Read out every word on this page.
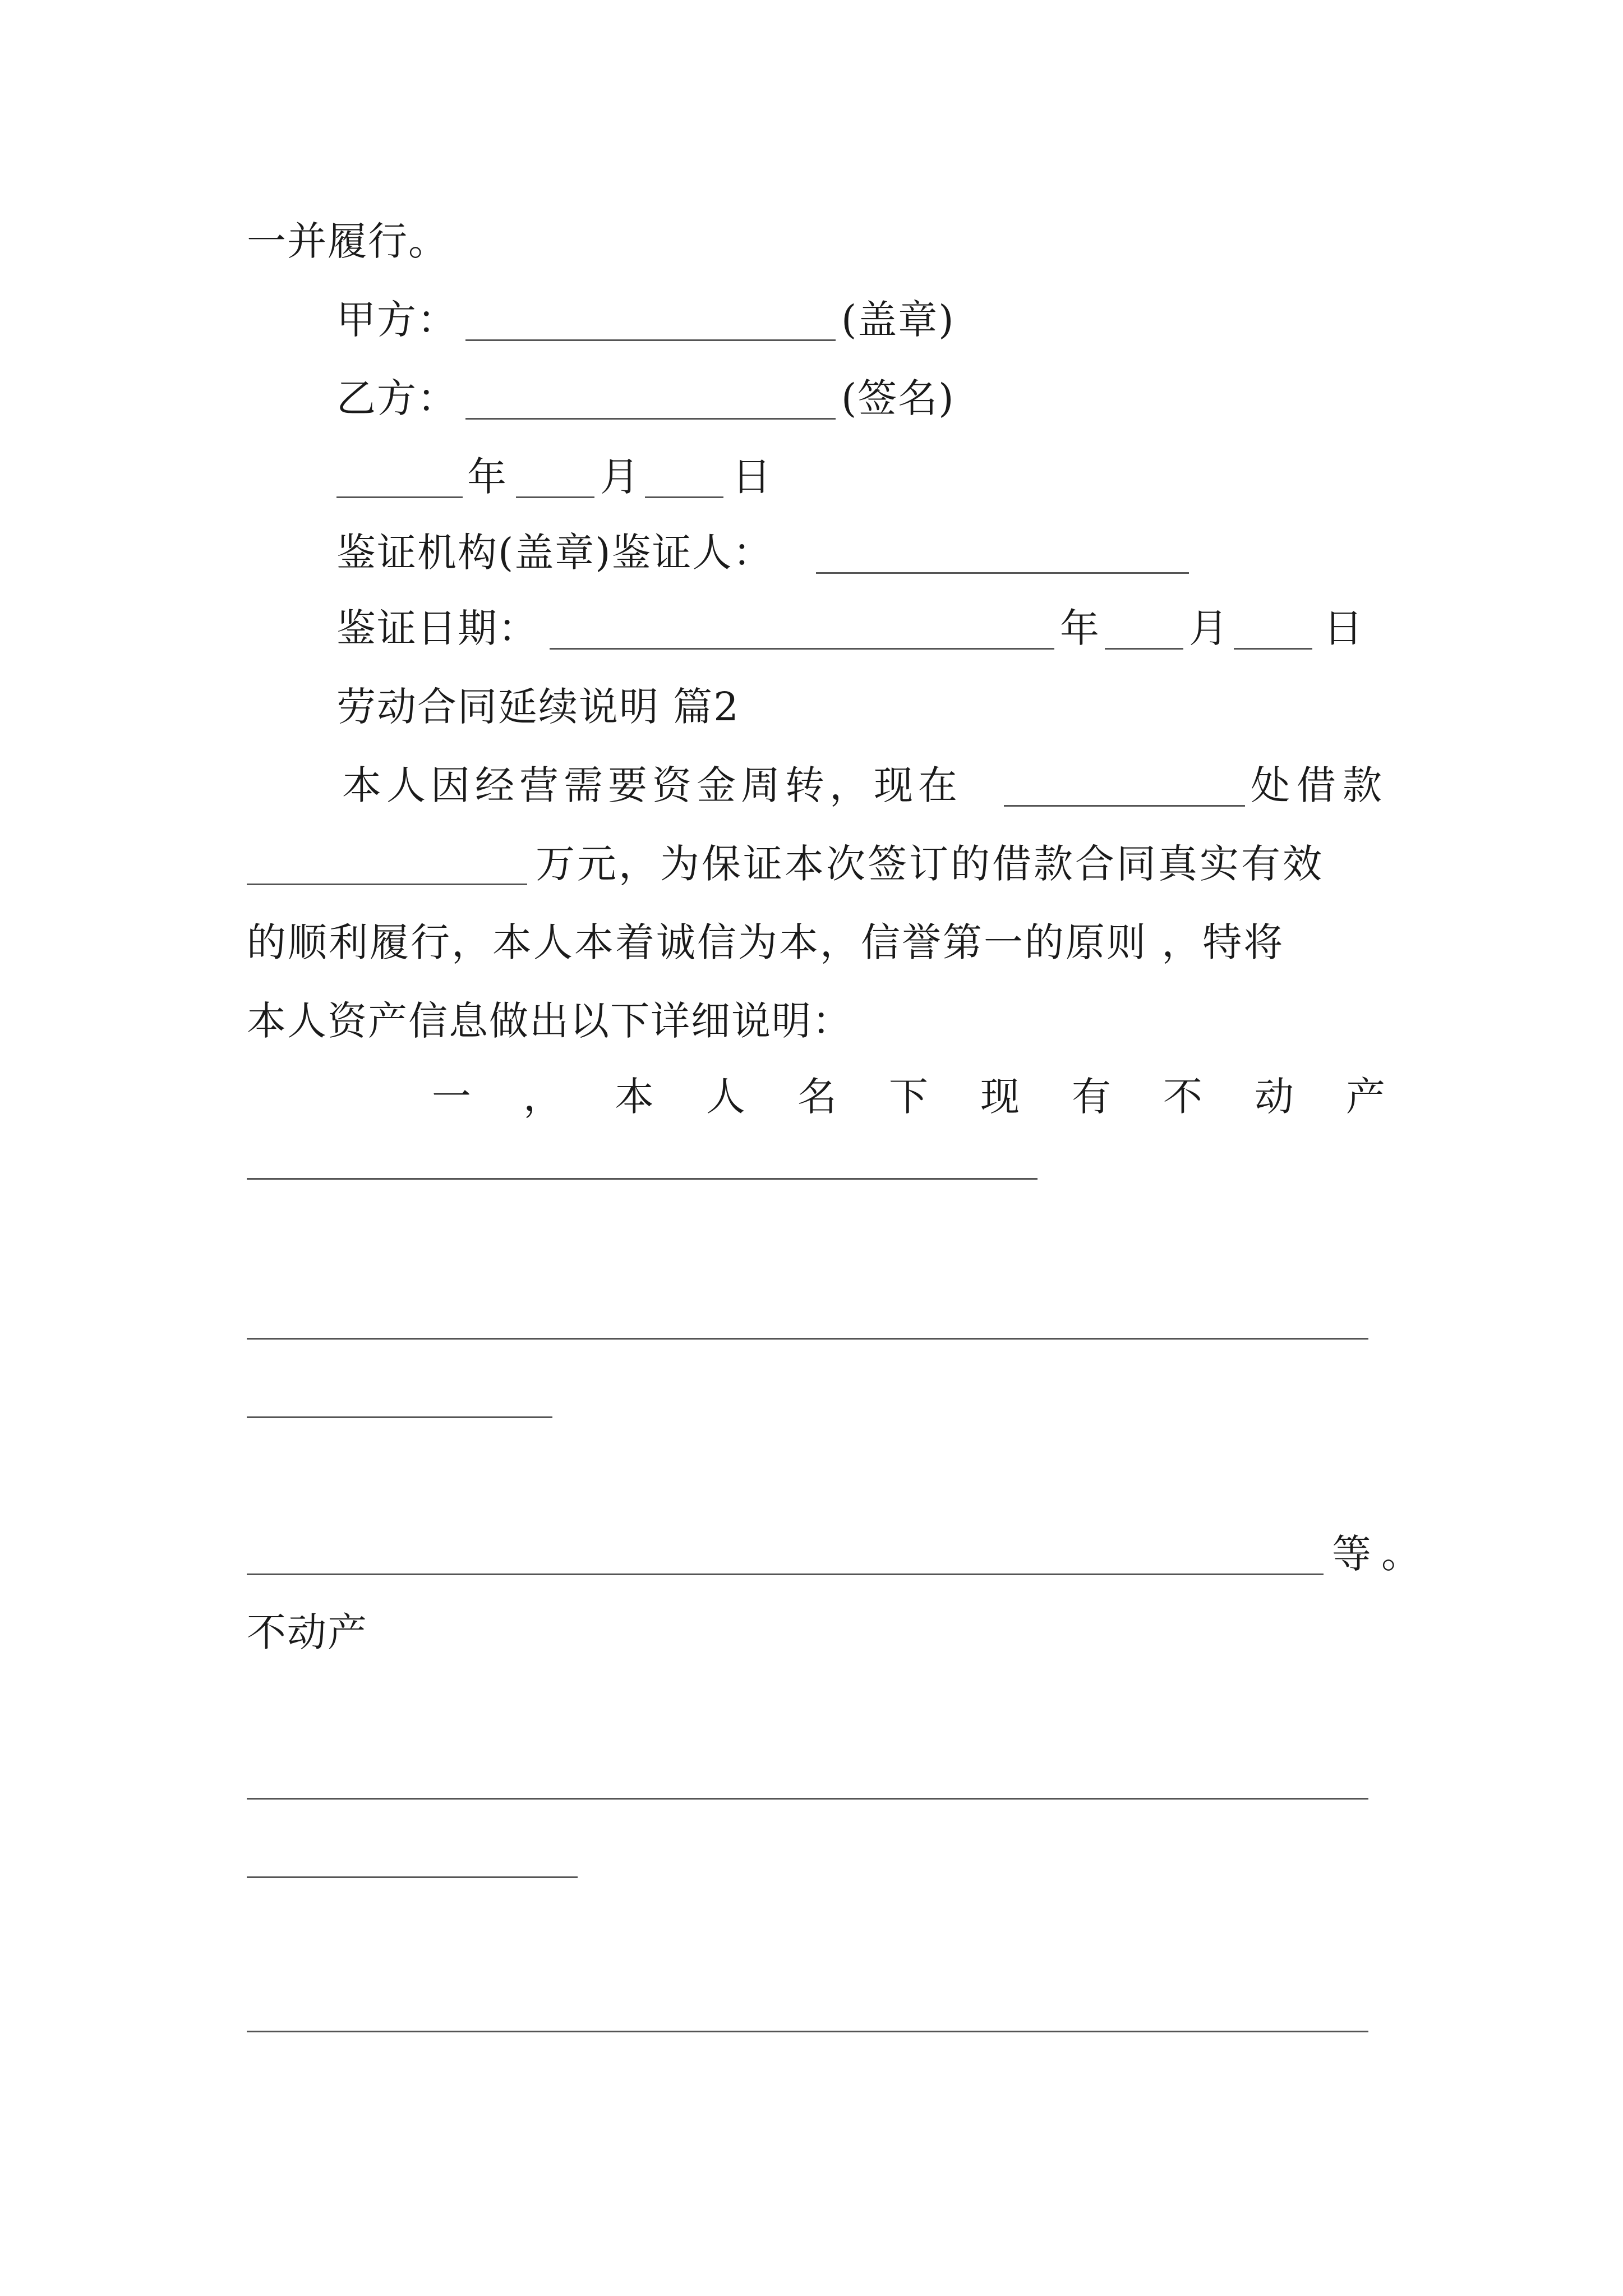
一并履行。
甲方：	(盖章)
乙方：	(签名)
年 月 日
鉴证机构(盖章)鉴证人：
鉴证日期：	年 月 日
劳动合同延续说明 篇2
本人因经营需要资金周转，现在	处借款
万元，为保证本次签订的借款合同真实有效
的顺利履行，本人本着诚信为本，信誉第一的原则 ，特将
本人资产信息做出以下详细说明：
一 ， 本 人 名 下 现 有 不 动 产
等。
不动产
